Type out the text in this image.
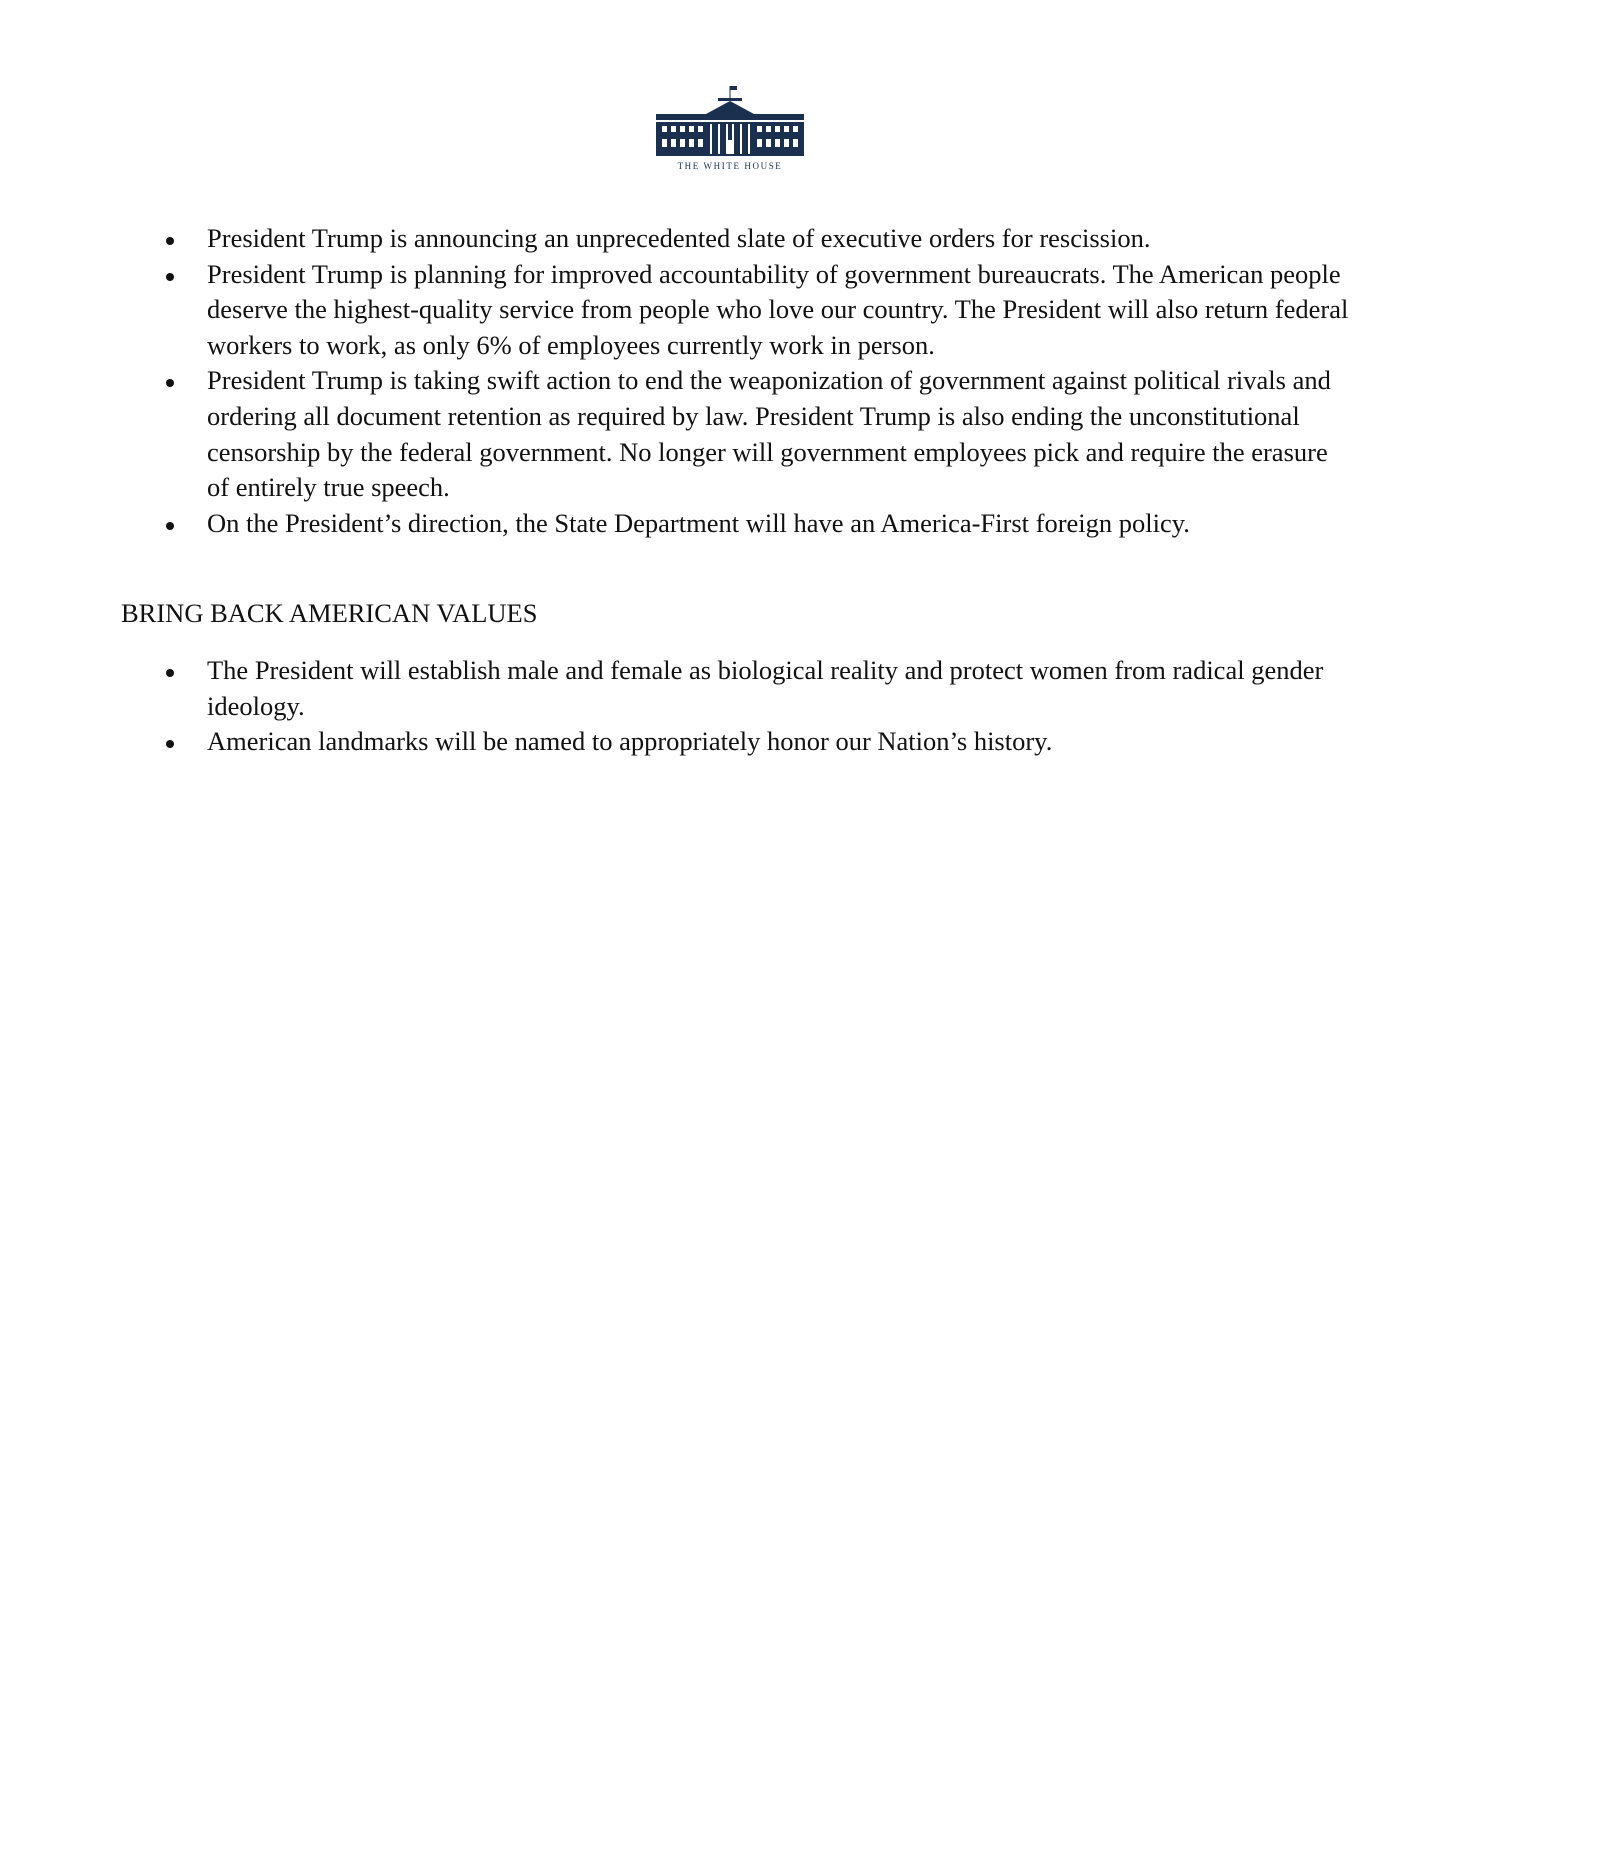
THE WHITE HOUSE
President Trump is announcing an unprecedented slate of executive orders for rescission.
President Trump is planning for improved accountability of government bureaucrats. The American people deserve the highest-quality service from people who love our country. The President will also return federal workers to work, as only 6% of employees currently work in person.
President Trump is taking swift action to end the weaponization of government against political rivals and ordering all document retention as required by law. President Trump is also ending the unconstitutional censorship by the federal government. No longer will government employees pick and require the erasure of entirely true speech.
On the President’s direction, the State Department will have an America-First foreign policy.
BRING BACK AMERICAN VALUES
The President will establish male and female as biological reality and protect women from radical gender ideology.
American landmarks will be named to appropriately honor our Nation’s history.
